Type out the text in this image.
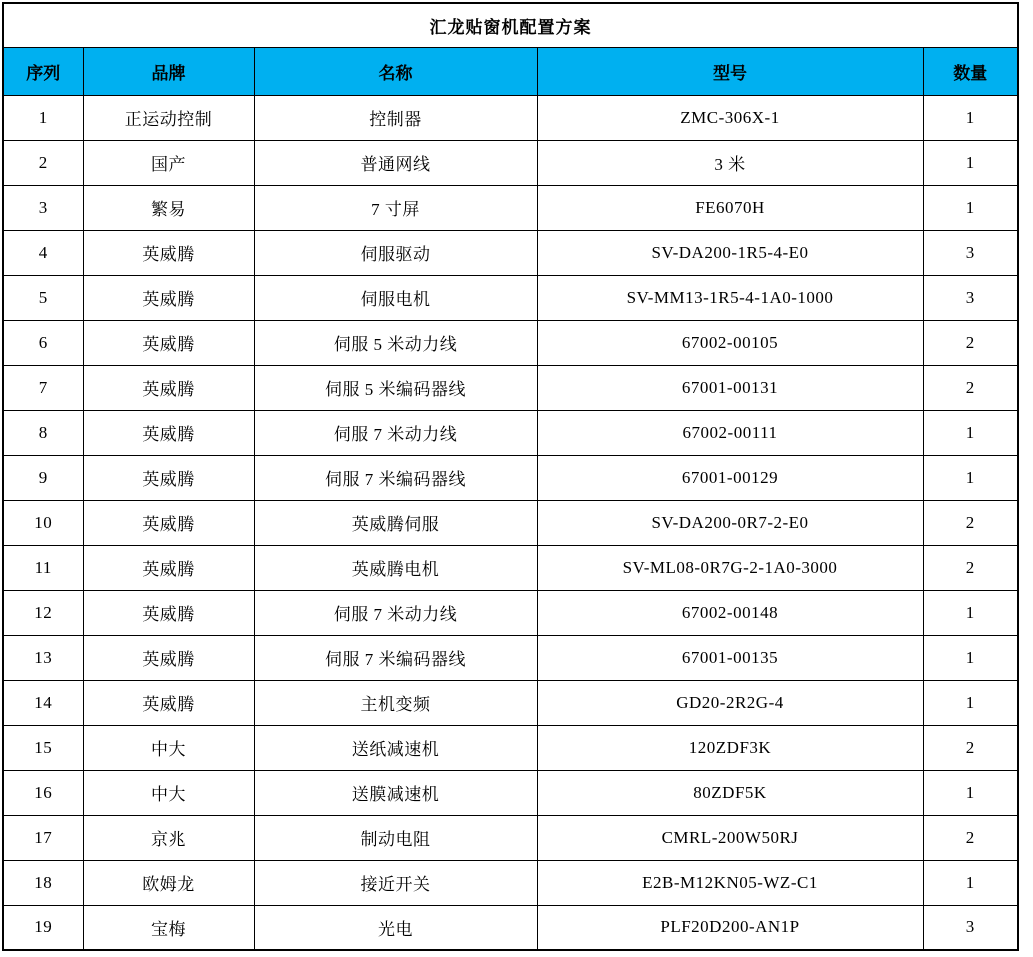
汇龙贴窗机配置方案				
序列	品牌	名称	型号	数量
1	正运动控制	控制器	ZMC-306X-1	1
2	国产	普通网线	3 米	1
3	繁易	7 寸屏	FE6070H	1
4	英威腾	伺服驱动	SV-DA200-1R5-4-E0	3
5	英威腾	伺服电机	SV-MM13-1R5-4-1A0-1000	3
6	英威腾	伺服 5 米动力线	67002-00105	2
7	英威腾	伺服 5 米编码器线	67001-00131	2
8	英威腾	伺服 7 米动力线	67002-00111	1
9	英威腾	伺服 7 米编码器线	67001-00129	1
10	英威腾	英威腾伺服	SV-DA200-0R7-2-E0	2
11	英威腾	英威腾电机	SV-ML08-0R7G-2-1A0-3000	2
12	英威腾	伺服 7 米动力线	67002-00148	1
13	英威腾	伺服 7 米编码器线	67001-00135	1
14	英威腾	主机变频	GD20-2R2G-4	1
15	中大	送纸减速机	120ZDF3K	2
16	中大	送膜减速机	80ZDF5K	1
17	京兆	制动电阻	CMRL-200W50RJ	2
18	欧姆龙	接近开关	E2B-M12KN05-WZ-C1	1
19	宝梅	光电	PLF20D200-AN1P	3
